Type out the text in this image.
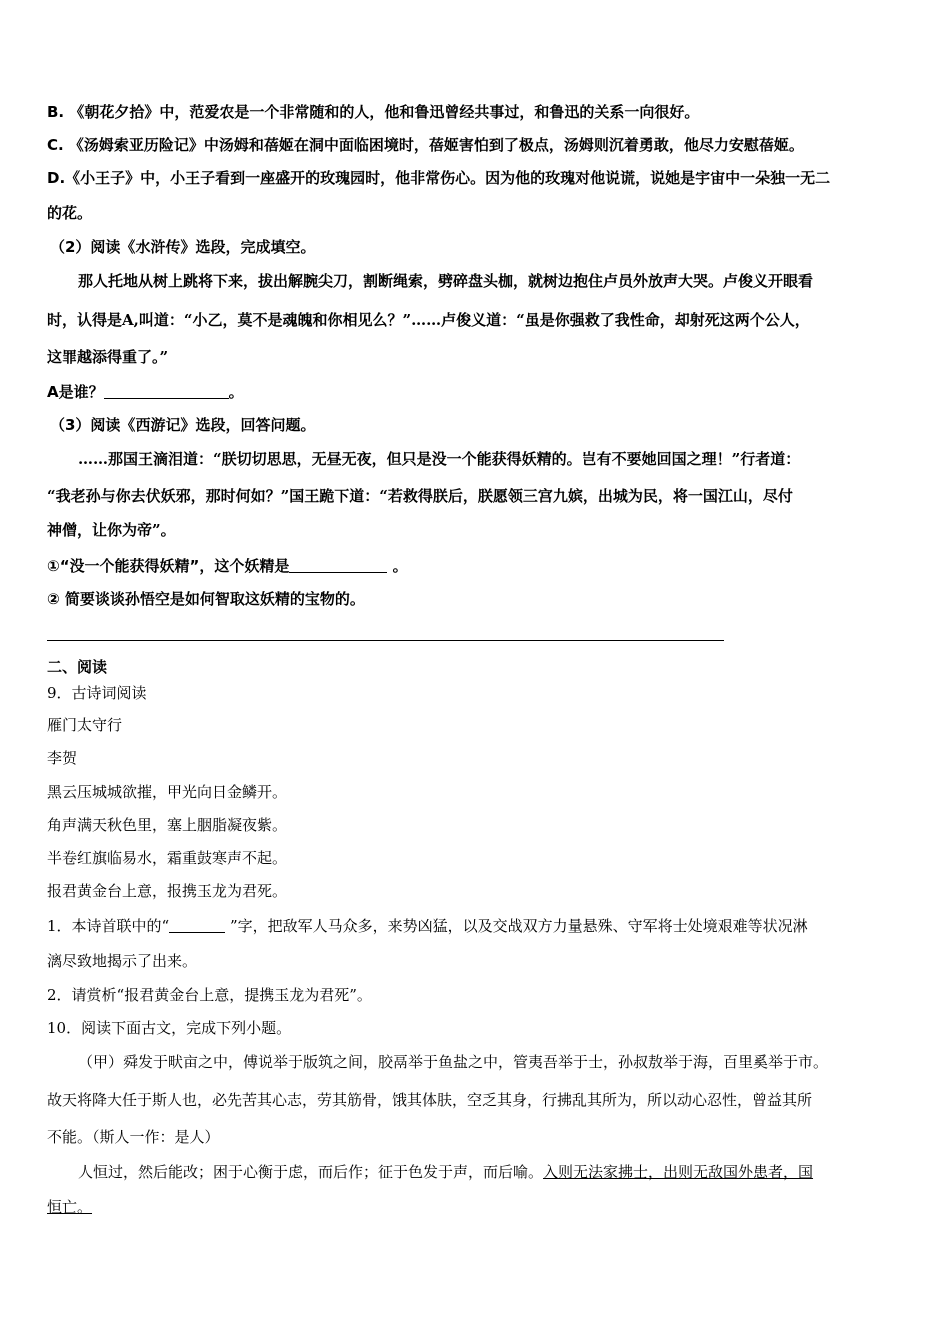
B. 《朝花夕拾》中，范爱农是一个非常随和的人，他和鲁迅曾经共事过，和鲁迅的关系一向很好。
C. 《汤姆索亚历险记》中汤姆和蓓姬在洞中面临困境时，蓓姬害怕到了极点，汤姆则沉着勇敢，他尽力安慰蓓姬。
D.《小王子》中，小王子看到一座盛开的玫瑰园时，他非常伤心。因为他的玫瑰对他说谎，说她是宇宙中一朵独一无二
的花。
（2）阅读《水浒传》选段，完成填空。
那人托地从树上跳将下来，拔出解腕尖刀，割断绳索，劈碎盘头枷，就树边抱住卢员外放声大哭。卢俊义开眼看
时，认得是A,叫道：“小乙，莫不是魂魄和你相见么？”……卢俊义道：“虽是你强救了我性命，却射死这两个公人，
这罪越添得重了。”
A是谁？	。
（3）阅读《西游记》选段，回答问题。
……那国王滴泪道：“朕切切思思，无昼无夜，但只是没一个能获得妖精的。岂有不要她回国之理！”行者道：
“我老孙与你去伏妖邪，那时何如？”国王跪下道：“若救得朕后，朕愿领三宫九嫔，出城为民，将一国江山，尽付
神僧，让你为帝”。
①“没一个能获得妖精”，这个妖精是	。
② 简要谈谈孙悟空是如何智取这妖精的宝物的。
二、阅读
9．古诗词阅读
雁门太守行
李贺
黑云压城城欲摧，甲光向日金鳞开。
角声满天秋色里，塞上胭脂凝夜紫。
半卷红旗临易水，霜重鼓寒声不起。
报君黄金台上意，报携玉龙为君死。
1．本诗首联中的“	”字，把敌军人马众多，来势凶猛，以及交战双方力量悬殊、守军将士处境艰难等状况淋
漓尽致地揭示了出来。
2．请赏析“报君黄金台上意，提携玉龙为君死”。
10．阅读下面古文，完成下列小题。
（甲）舜发于畎亩之中，傅说举于版筑之间，胶鬲举于鱼盐之中，管夷吾举于士，孙叔敖举于海，百里奚举于市。
故天将降大任于斯人也，必先苦其心志，劳其筋骨，饿其体肤，空乏其身，行拂乱其所为，所以动心忍性，曾益其所
不能。（斯人一作：是人）
人恒过，然后能改；困于心衡于虑，而后作；征于色发于声，而后喻。入则无法家拂士，出则无敌国外患者，国
恒亡。
